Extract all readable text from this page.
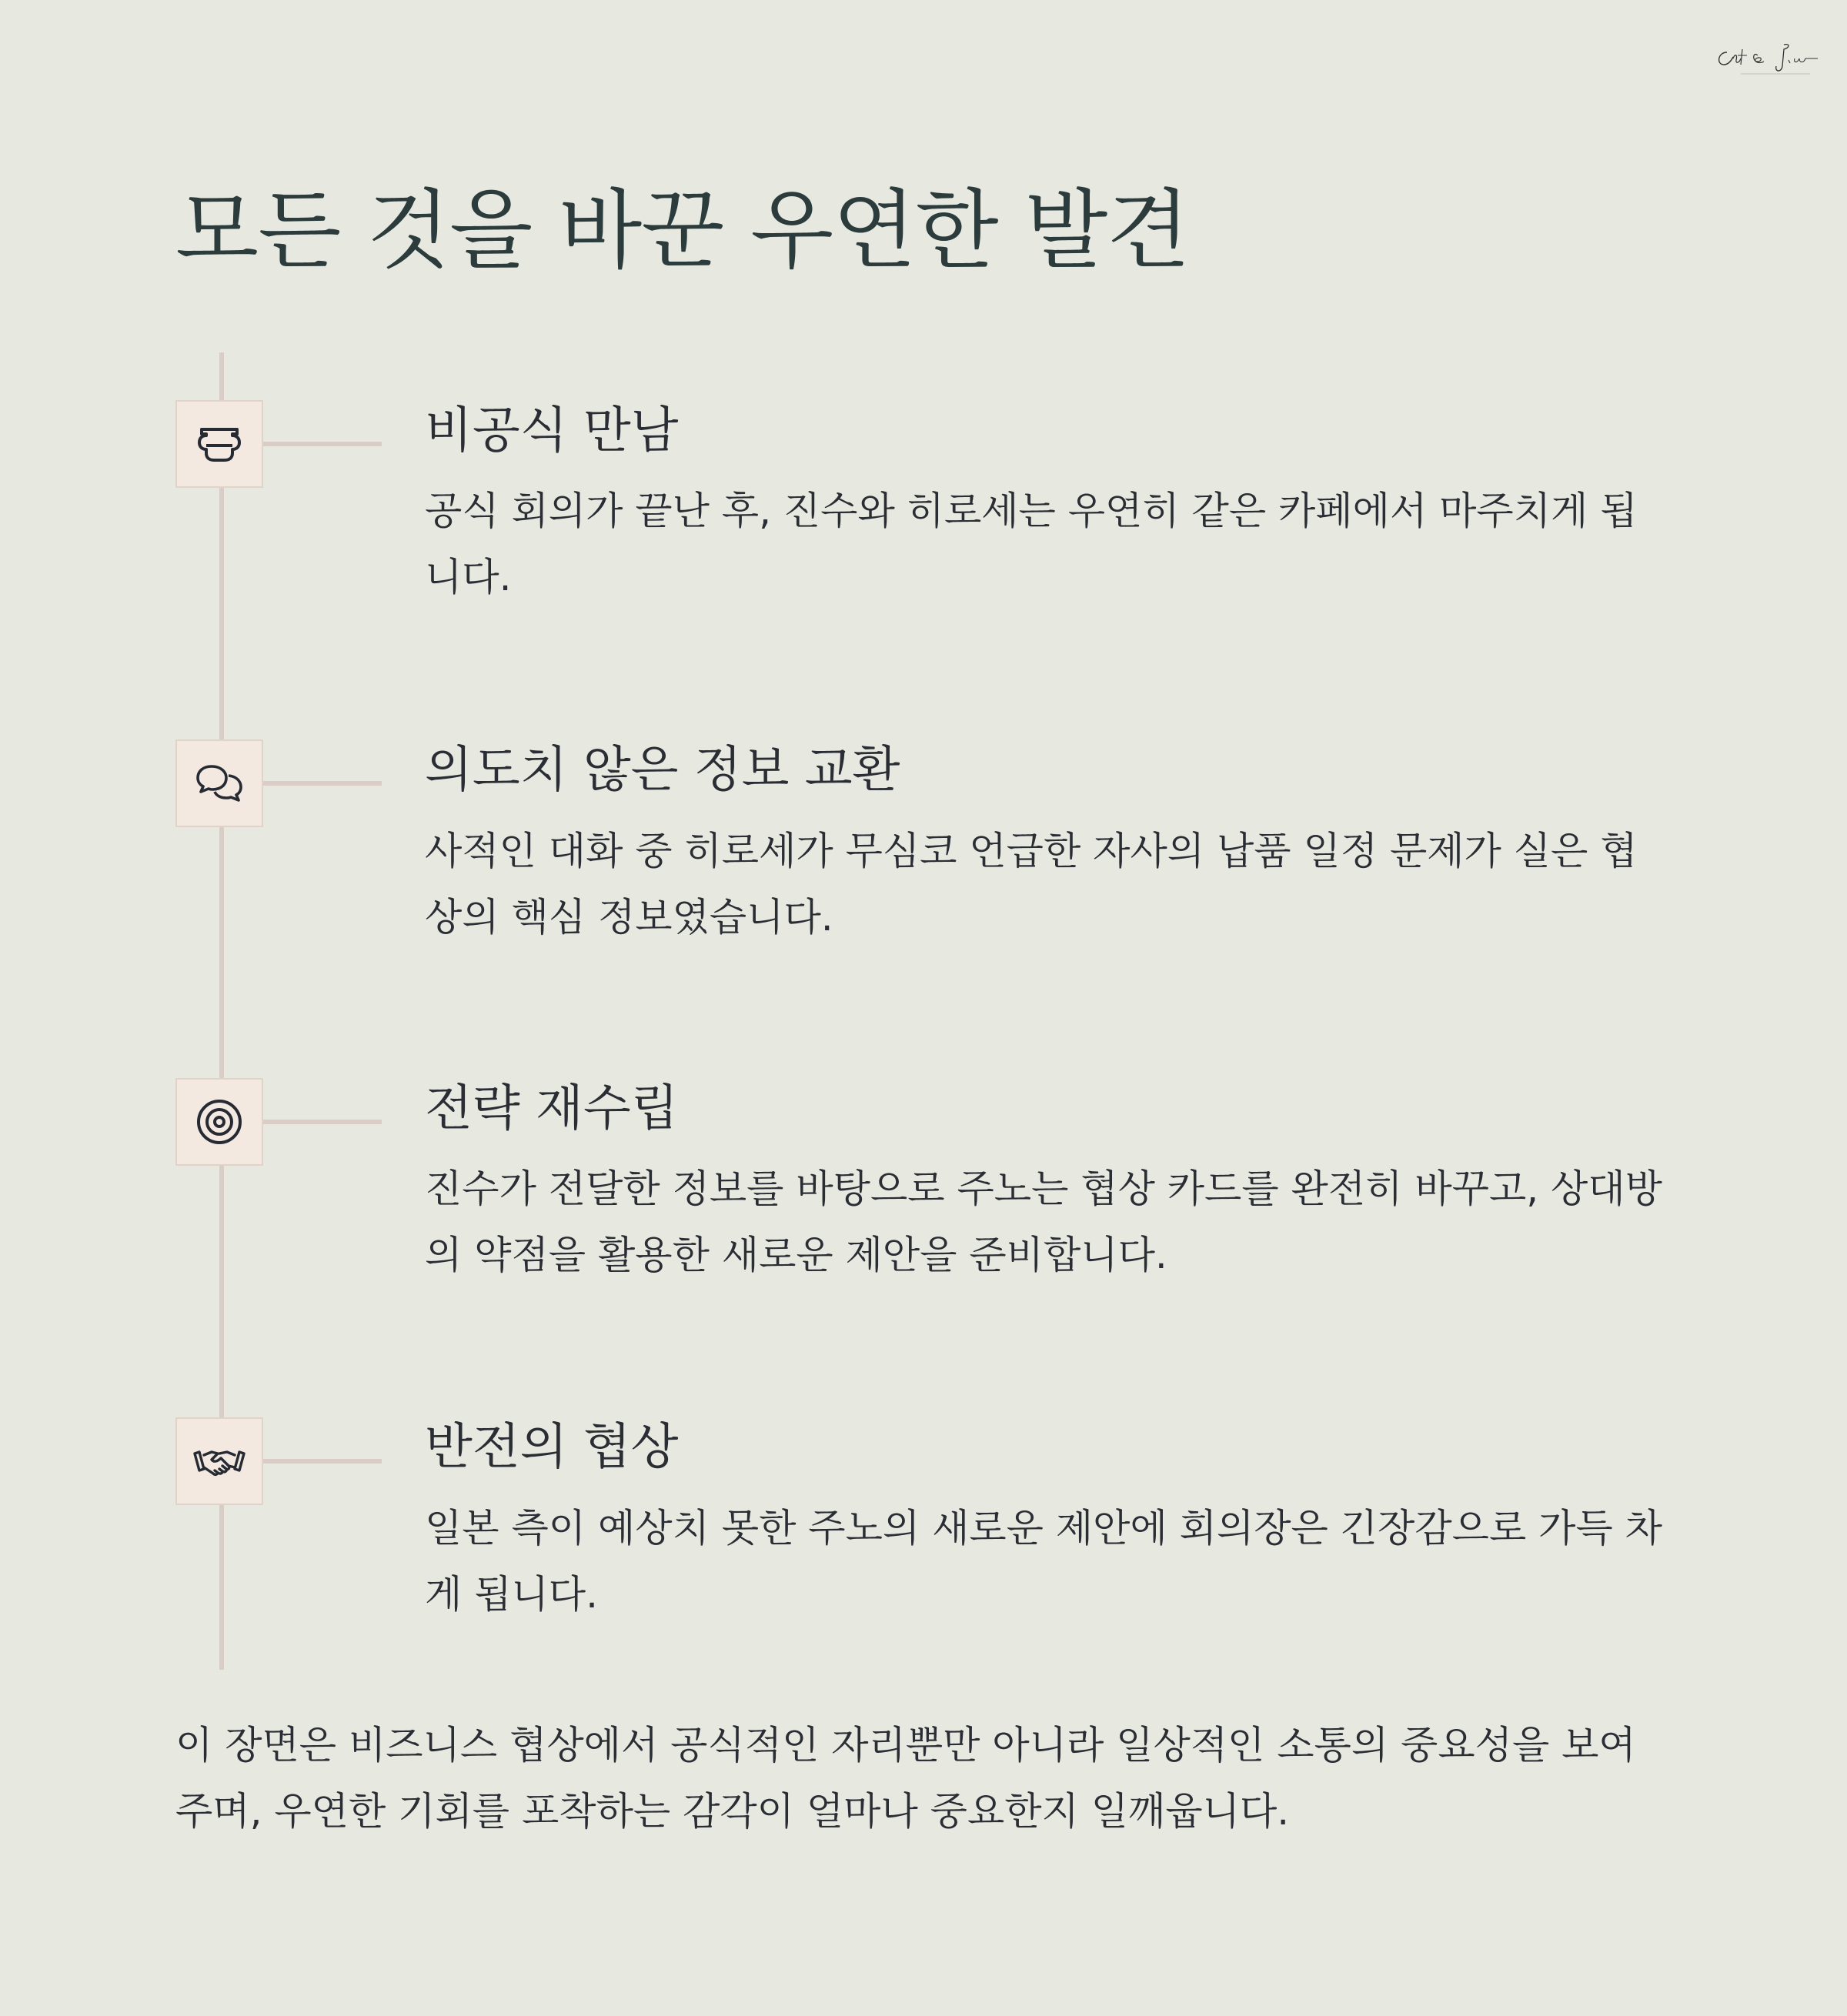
모든 것을 바꾼 우연한 발견
비공식 만남

공식 회의가 끝난 후, 진수와 히로세는 우연히 같은 카페에서 마주치게 됩니다.

의도치 않은 정보 교환

사적인 대화 중 히로세가 무심코 언급한 자사의 납품 일정 문제가 실은 협상의 핵심 정보였습니다.

전략 재수립

진수가 전달한 정보를 바탕으로 주노는 협상 카드를 완전히 바꾸고, 상대방의 약점을 활용한 새로운 제안을 준비합니다.

반전의 협상

일본 측이 예상치 못한 주노의 새로운 제안에 회의장은 긴장감으로 가득 차게 됩니다.

이 장면은 비즈니스 협상에서 공식적인 자리뿐만 아니라 일상적인 소통의 중요성을 보여주며, 우연한 기회를 포착하는 감각이 얼마나 중요한지 일깨웁니다.
